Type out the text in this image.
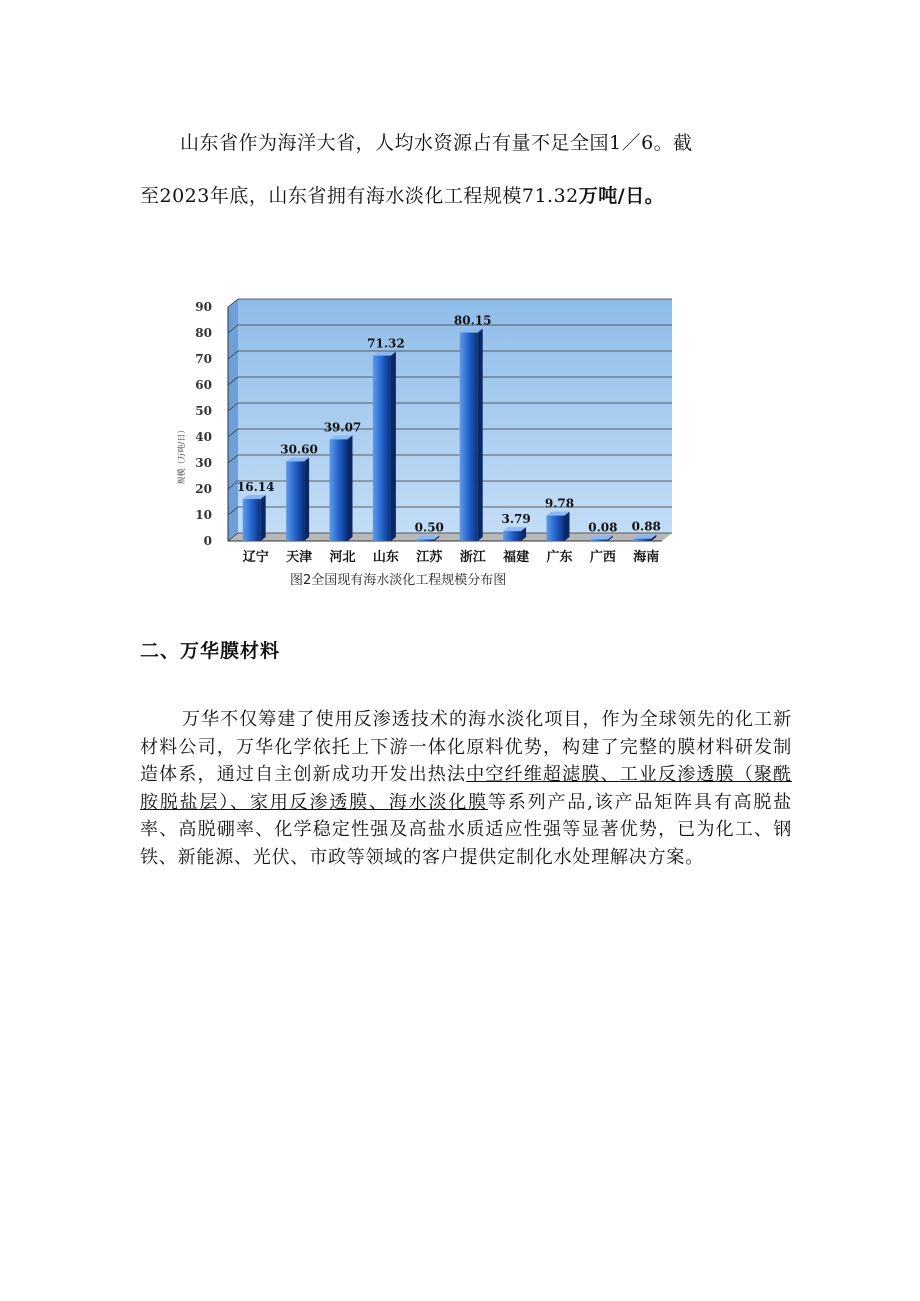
山东省作为海洋大省，人均水资源占有量不足全国1／6。截
至2023年底，山东省拥有海水淡化工程规模71.32万吨/日。
0
10
20
30
40
50
60
70
80
90
16.14
30.60
39.07
71.32
0.50
80.15
3.79
9.78
0.08 0.88
辽宁 天津 河北 山东 江苏 浙江 福建 广东 广西 海南
规模（万吨/日）
图2全国现有海水淡化工程规模分布图
二、万华膜材料
万华不仅筹建了使用反渗透技术的海水淡化项目，作为全球领先的化工新材料公司，万华化学依托上下游一体化原料优势，构建了完整的膜材料研发制造体系，通过自主创新成功开发出热法中空纤维超滤膜、工业反渗透膜（聚酰胺脱盐层）、家用反渗透膜、海水淡化膜等系列产品,该产品矩阵具有高脱盐率、高脱硼率、化学稳定性强及高盐水质适应性强等显著优势，已为化工、钢铁、新能源、光伏、市政等领域的客户提供定制化水处理解决方案。
